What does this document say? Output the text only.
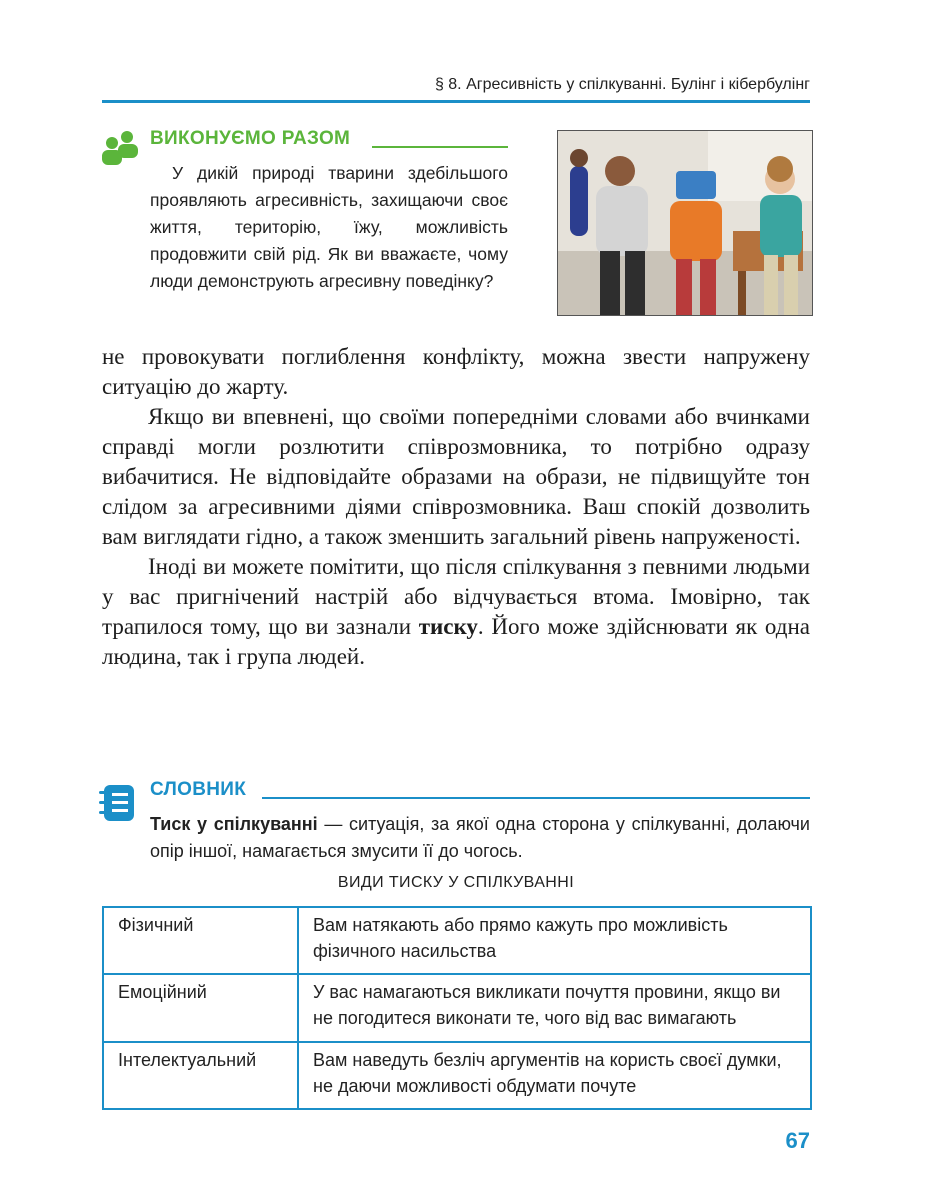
§ 8. Агресивність у спілкуванні. Булінг і кібербулінг
ВИКОНУЄМО РАЗОМ
У дикій природі тварини здебільшого проявляють агресивність, захищаючи своє життя, територію, їжу, можливість продовжити свій рід. Як ви вважаєте, чому люди демонструють агресивну поведінку?

не провокувати поглиблення конфлікту, можна звести напружену ситуацію до жарту.

Якщо ви впевнені, що своїми попередніми словами або вчинками справді могли розлютити співрозмовника, то потрібно одразу вибачитися. Не відповідайте образами на образи, не підвищуйте тон слідом за агресивними діями співрозмовника. Ваш спокій дозволить вам виглядати гідно, а також зменшить загальний рівень напруженості.

Іноді ви можете помітити, що після спілкування з певними людьми у вас пригнічений настрій або відчувається втома. Імовірно, так трапилося тому, що ви зазнали тиску. Його може здійснювати як одна людина, так і група людей.

СЛОВНИК
Тиск у спілкуванні — ситуація, за якої одна сторона у спілкуванні, долаючи опір іншої, намагається змусити її до чогось.
ВИДИ ТИСКУ У СПІЛКУВАННІ
Фізичний	Вам натякають або прямо кажуть про можливість фізичного насильства
Емоційний	У вас намагаються викликати почуття провини, якщо ви не погодитеся виконати те, чого від вас вимагають
Інтелектуальний	Вам наведуть безліч аргументів на користь своєї думки, не даючи можливості обдумати почуте
67
